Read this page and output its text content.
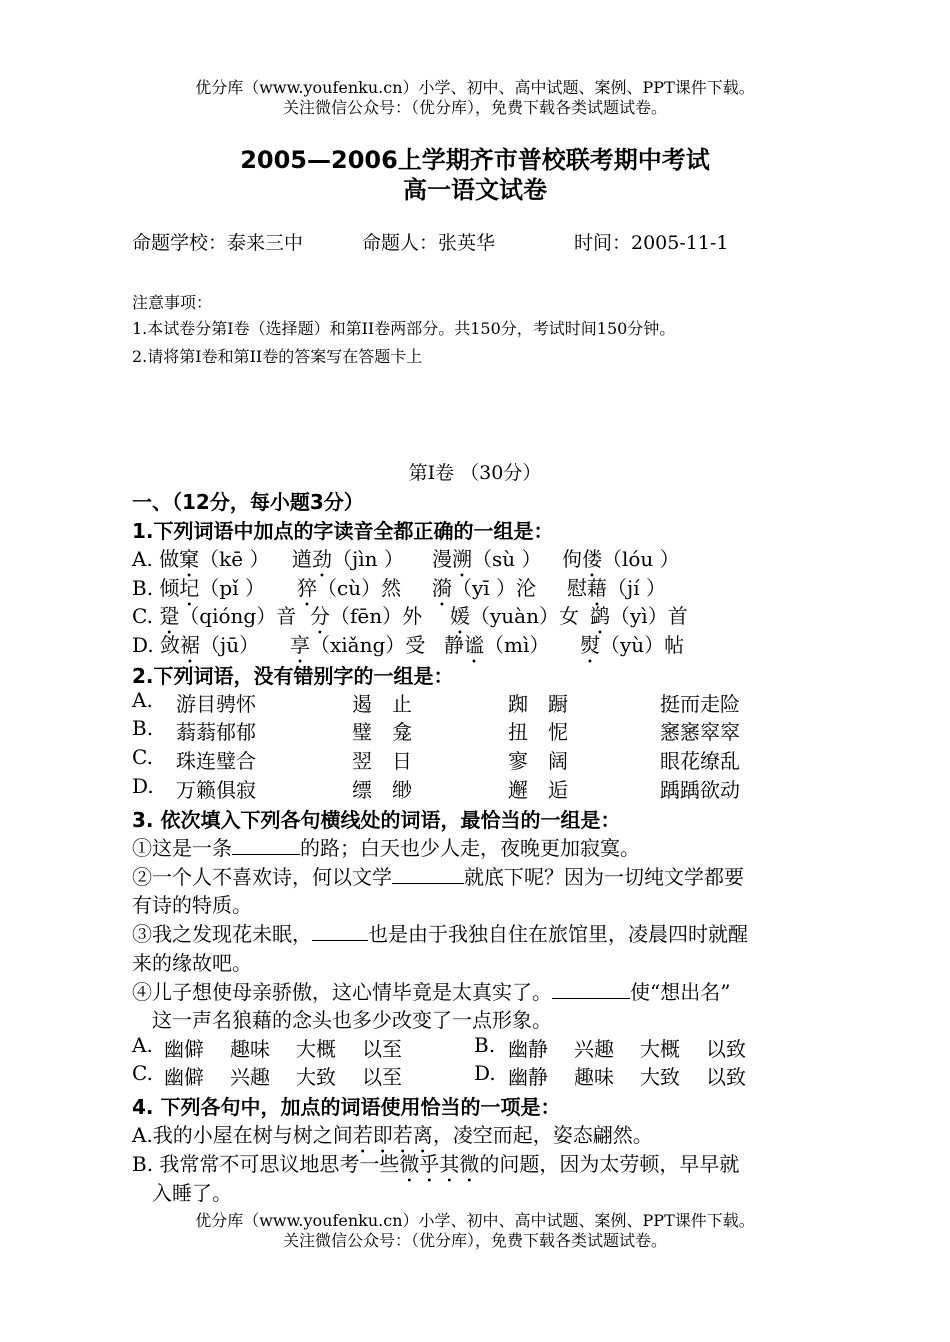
优分库（www.youfenku.cn）小学、初中、高中试题、案例、PPT课件下载。
关注微信公众号：（优分库），免费下载各类试题试卷。
2005—2006上学期齐市普校联考期中考试
高一语文试卷
命题学校：泰来三中	命题人：张英华	时间：2005-11-1
注意事项：
1.本试卷分第I卷（选择题）和第II卷两部分。共150分，考试时间150分钟。
2.请将第I卷和第II卷的答案写在答题卡上
第I卷 （30分）
一、（12分，每小题3分）
1.下列词语中加点的字读音全都正确的一组是：
A. 做窠（kē ） 遒劲（jìn ） 漫溯（sù ） 佝偻（lóu ）
B. 倾圮（pǐ ） 猝（cù）然 漪（yī ）沦 慰藉（jí ）
C. 跫（qióng）音 分（fēn）外 媛（yuàn）女 鹢（yì）首
D. 敛裾（jū） 享（xiǎng）受 静谧（mì） 熨（yù）帖
2.下列词语，没有错别字的一组是：
A. 游目骋怀	遏　止	踟　蹰	挺而走险
B. 蓊蓊郁郁	璧　龛	扭　怩	窸窸窣窣
C. 珠连璧合	翌　日	寥　阔	眼花缭乱
D. 万籁俱寂	缥　缈	邂　逅	踽踽欲动
3. 依次填入下列各句横线处的词语，最恰当的一组是：
①这是一条	的路；白天也少人走，夜晚更加寂寞。
②一个人不喜欢诗，何以文学	就底下呢？因为一切纯文学都要
有诗的特质。
③我之发现花未眠，	也是由于我独自住在旅馆里，凌晨四时就醒
来的缘故吧。
④儿子想使母亲骄傲，这心情毕竟是太真实了。	使“想出名”
这一声名狼藉的念头也多少改变了一点形象。
A. 幽僻 趣味 大概 以至	B. 幽静 兴趣 大概 以致
C. 幽僻 兴趣 大致 以至	D. 幽静 趣味 大致 以致
4. 下列各句中，加点的词语使用恰当的一项是：
A.我的小屋在树与树之间若即若离，凌空而起，姿态翩然。
B. 我常常不可思议地思考一些微乎其微的问题，因为太劳顿，早早就
入睡了。
优分库（www.youfenku.cn）小学、初中、高中试题、案例、PPT课件下载。
关注微信公众号：（优分库），免费下载各类试题试卷。
